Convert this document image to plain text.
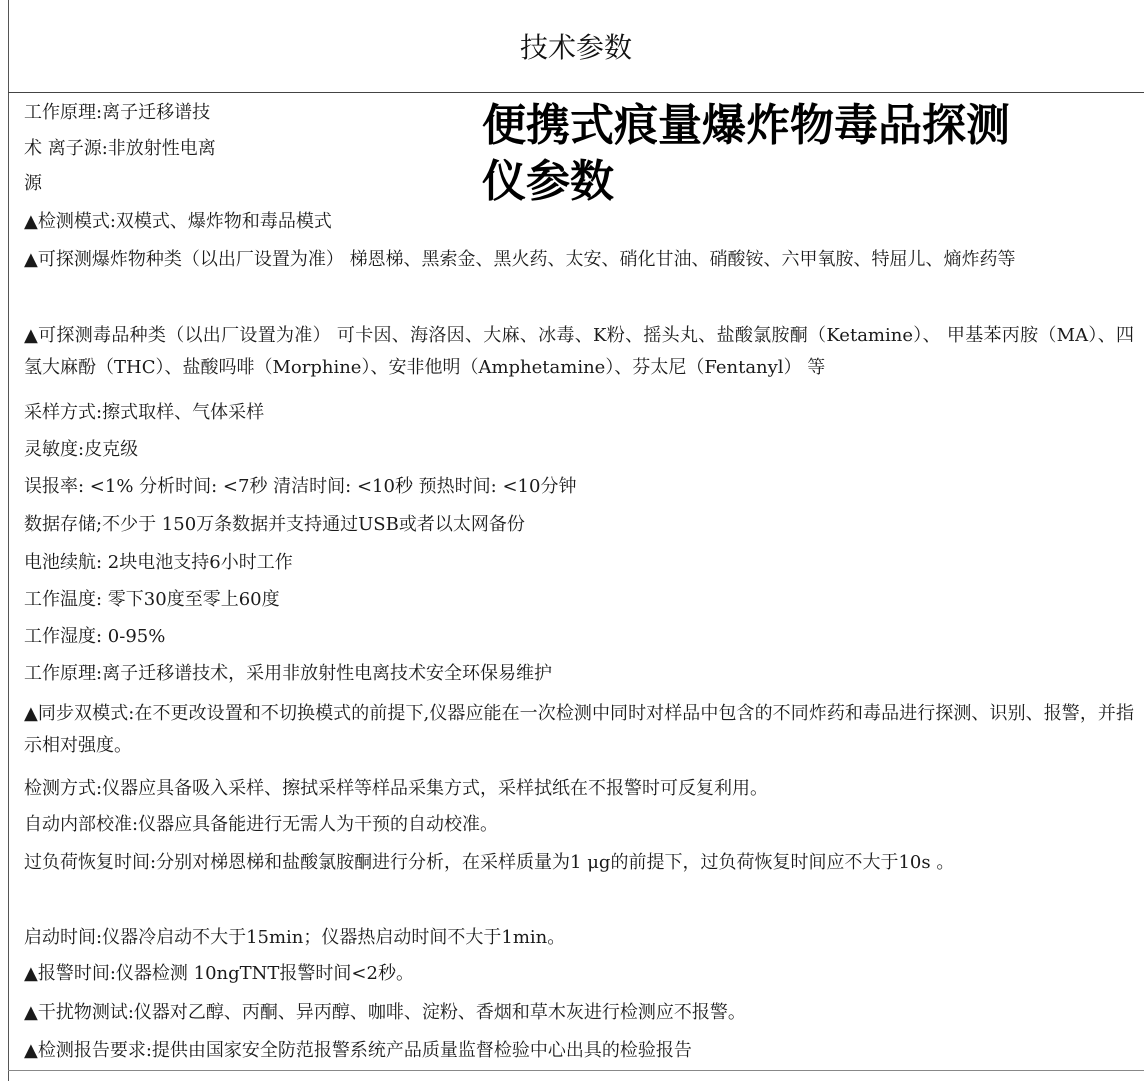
技术参数
便携式痕量爆炸物毒品探测
仪参数
工作原理:离子迁移谱技
术 离子源:非放射性电离
源
▲检测模式:双模式、爆炸物和毒品模式
▲可探测爆炸物种类（以出厂设置为准） 梯恩梯、黑索金、黑火药、太安、硝化甘油、硝酸铵、六甲氧胺、特屈儿、熵炸药等
▲可探测毒品种类（以出厂设置为准） 可卡因、海洛因、大麻、冰毒、K粉、摇头丸、盐酸氯胺酮（Ketamine）、 甲基苯丙胺（MA）、四氢大麻酚（THC）、盐酸吗啡（Morphine）、安非他明（Amphetamine）、芬太尼（Fentanyl） 等
采样方式:擦式取样、气体采样
灵敏度:皮克级
误报率: <1% 分析时间: <7秒 清洁时间: <10秒 预热时间: <10分钟
数据存储;不少于 150万条数据并支持通过USB或者以太网备份
电池续航: 2块电池支持6小时工作
工作温度: 零下30度至零上60度
工作湿度: 0-95%
工作原理:离子迁移谱技术，采用非放射性电离技术安全环保易维护
▲同步双模式:在不更改设置和不切换模式的前提下,仪器应能在一次检测中同时对样品中包含的不同炸药和毒品进行探测、识别、报警，并指示相对强度。
检测方式:仪器应具备吸入采样、擦拭采样等样品采集方式，采样拭纸在不报警时可反复利用。
自动内部校准:仪器应具备能进行无需人为干预的自动校准。
过负荷恢复时间:分别对梯恩梯和盐酸氯胺酮进行分析，在采样质量为1 μg的前提下，过负荷恢复时间应不大于10s 。
启动时间:仪器冷启动不大于15min；仪器热启动时间不大于1min。
▲报警时间:仪器检测 10ngTNT报警时间<2秒。
▲干扰物测试:仪器对乙醇、丙酮、异丙醇、咖啡、淀粉、香烟和草木灰进行检测应不报警。
▲检测报告要求:提供由国家安全防范报警系统产品质量监督检验中心出具的检验报告
